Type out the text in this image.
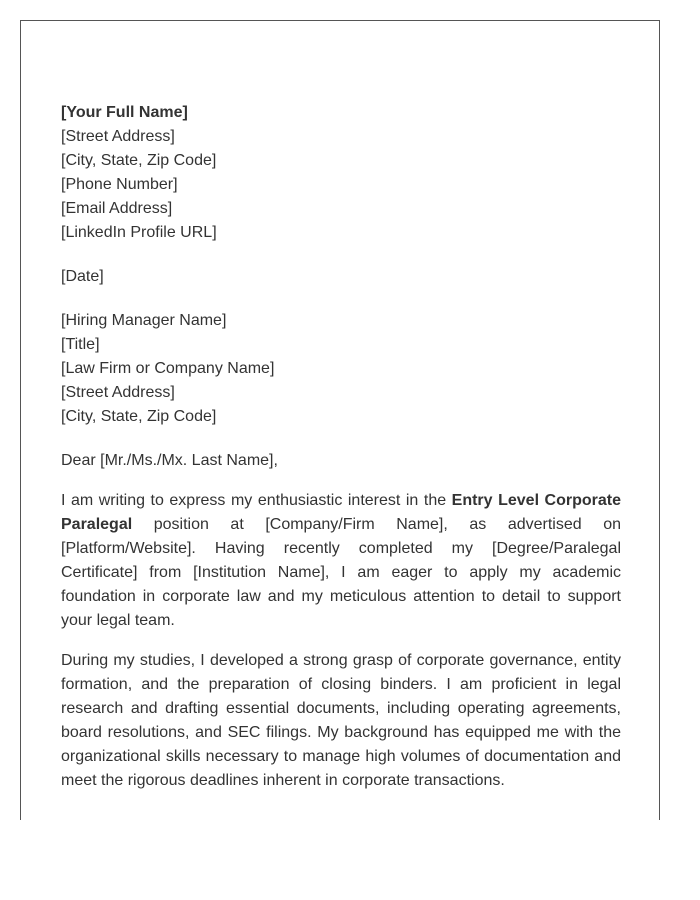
[Your Full Name]
[Street Address]
[City, State, Zip Code]
[Phone Number]
[Email Address]
[LinkedIn Profile URL]
[Date]
[Hiring Manager Name]
[Title]
[Law Firm or Company Name]
[Street Address]
[City, State, Zip Code]
Dear [Mr./Ms./Mx. Last Name],

I am writing to express my enthusiastic interest in the Entry Level Corporate Paralegal position at [Company/Firm Name], as advertised on [Platform/Website]. Having recently completed my [Degree/Paralegal Certificate] from [Institution Name], I am eager to apply my academic foundation in corporate law and my meticulous attention to detail to support your legal team.

During my studies, I developed a strong grasp of corporate governance, entity formation, and the preparation of closing binders. I am proficient in legal research and drafting essential documents, including operating agreements, board resolutions, and SEC filings. My background has equipped me with the organizational skills necessary to manage high volumes of documentation and meet the rigorous deadlines inherent in corporate transactions.
